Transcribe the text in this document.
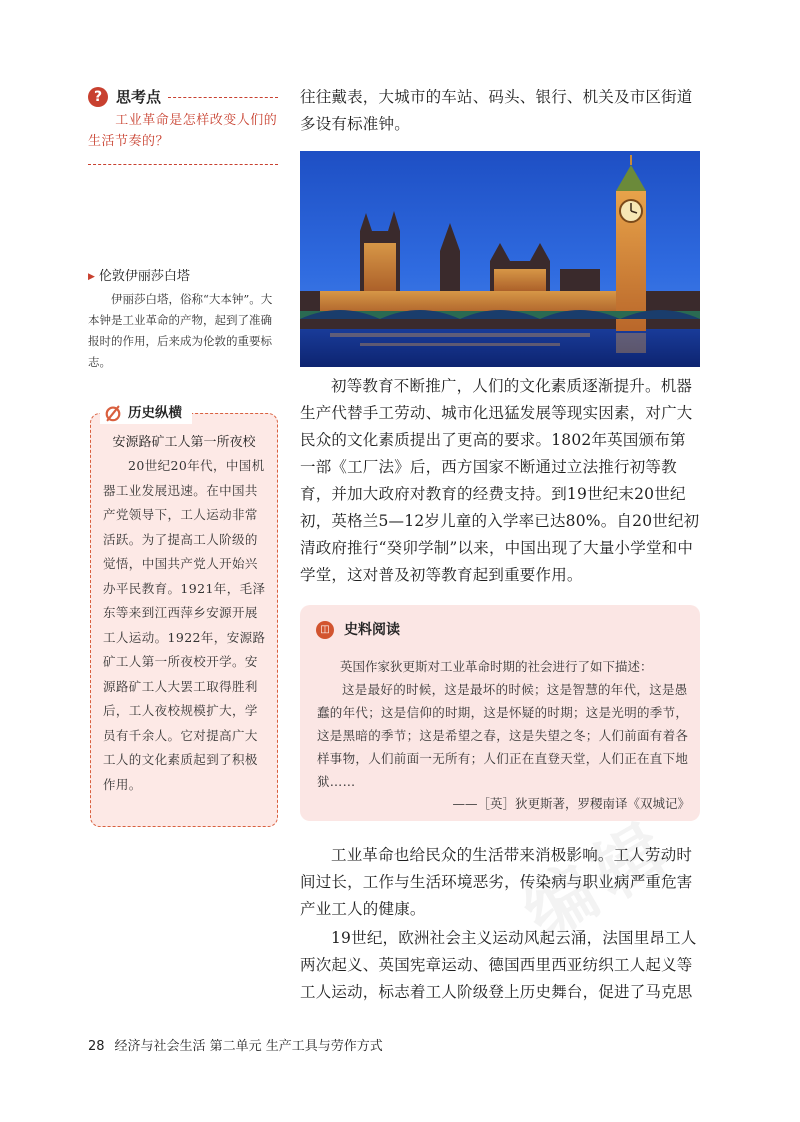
? 思考点
工业革命是怎样改变人们的生活节奏的？
▶ 伦敦伊丽莎白塔
伊丽莎白塔，俗称“大本钟”。大本钟是工业革命的产物，起到了准确报时的作用，后来成为伦敦的重要标志。
历史纵横
安源路矿工人第一所夜校
20世纪20年代，中国机器工业发展迅速。在中国共产党领导下，工人运动非常活跃。为了提高工人阶级的觉悟，中国共产党人开始兴办平民教育。1921年，毛泽东等来到江西萍乡安源开展工人运动。1922年，安源路矿工人第一所夜校开学。安源路矿工人大罢工取得胜利后，工人夜校规模扩大，学员有千余人。它对提高广大工人的文化素质起到了积极作用。
往往戴表，大城市的车站、码头、银行、机关及市区街道多设有标准钟。
初等教育不断推广，人们的文化素质逐渐提升。机器生产代替手工劳动、城市化迅猛发展等现实因素，对广大民众的文化素质提出了更高的要求。1802年英国颁布第一部《工厂法》后，西方国家不断通过立法推行初等教育，并加大政府对教育的经费支持。到19世纪末20世纪初，英格兰5—12岁儿童的入学率已达80%。自20世纪初清政府推行“癸卯学制”以来，中国出现了大量小学堂和中学堂，这对普及初等教育起到重要作用。
◫	史料阅读
英国作家狄更斯对工业革命时期的社会进行了如下描述：
这是最好的时候，这是最坏的时候；这是智慧的年代，这是愚蠢的年代；这是信仰的时期，这是怀疑的时期；这是光明的季节，这是黑暗的季节；这是希望之春，这是失望之冬；人们前面有着各样事物，人们前面一无所有；人们正在直登天堂，人们正在直下地狱……
——［英］狄更斯著，罗稷南译《双城记》
工业革命也给民众的生活带来消极影响。工人劳动时间过长，工作与生活环境恶劣，传染病与职业病严重危害产业工人的健康。
19世纪，欧洲社会主义运动风起云涌，法国里昂工人两次起义、英国宪章运动、德国西里西亚纺织工人起义等工人运动，标志着工人阶级登上历史舞台，促进了马克思
28 经济与社会生活 第二单元 生产工具与劳作方式
